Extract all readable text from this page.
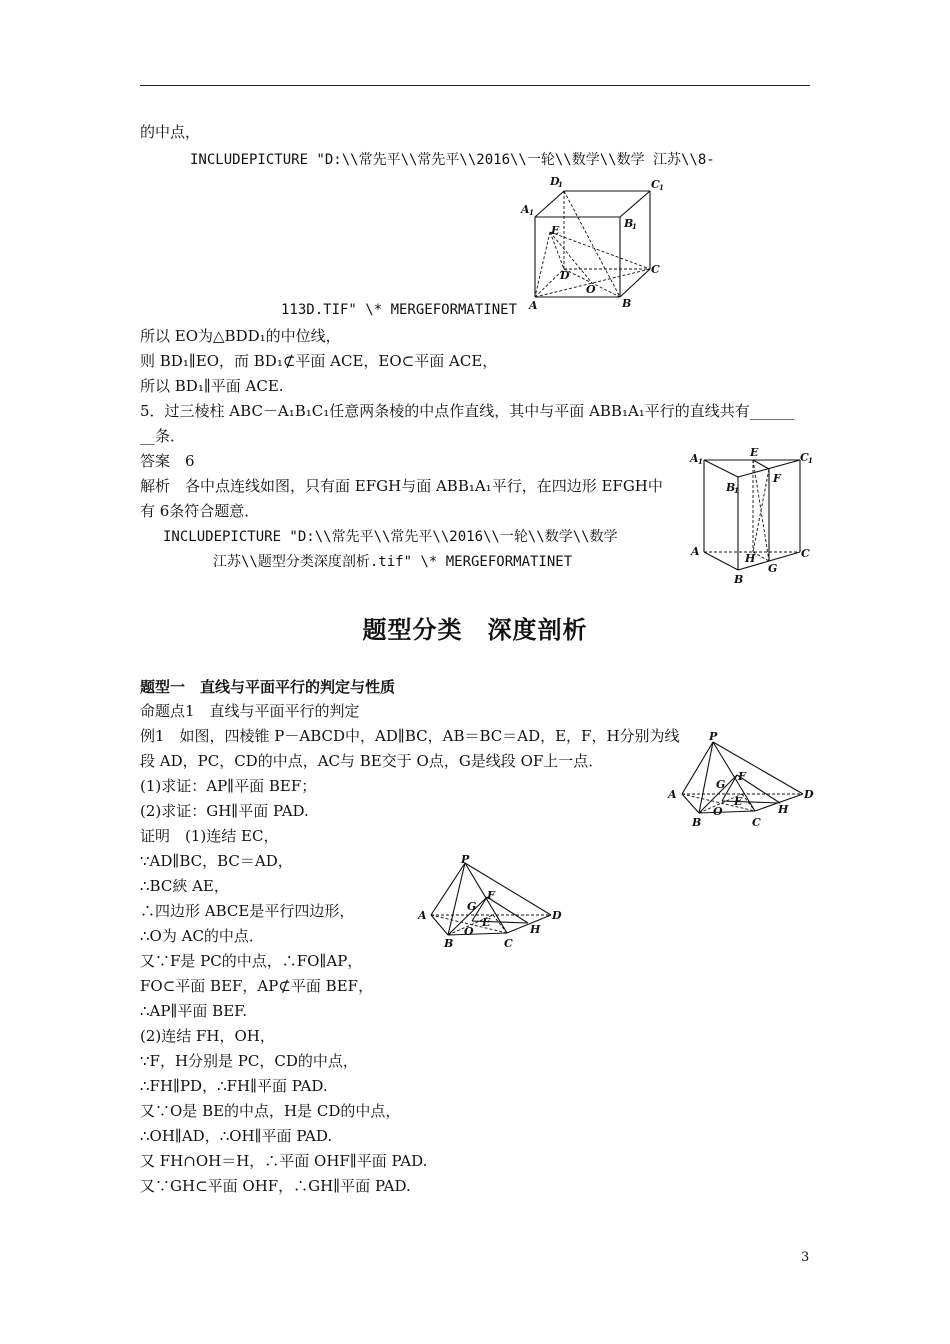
的中点，
INCLUDEPICTURE "D:\\常先平\\常先平\\2016\\一轮\\数学\\数学 江苏\\8-
D
1	C 1
A 1
B
1
E
D	C
O
A	B
113D.TIF" \* MERGEFORMATINET
所以 EO为△BDD₁的中位线，
则 BD₁∥EO，而 BD₁⊄平面 ACE，EO⊂平面 ACE，
所以 BD₁∥平面 ACE.
5．过三棱柱 ABC－A₁B₁C₁任意两条棱的中点作直线，其中与平面 ABB₁A₁平行的直线共有______
__条．
答案　6
解析　各中点连线如图，只有面 EFGH与面 ABB₁A₁平行，在四边形 EFGH中
有 6条符合题意．
INCLUDEPICTURE "D:\\常先平\\常先平\\2016\\一轮\\数学\\数学
江苏\\题型分类深度剖析.tif" \* MERGEFORMATINET
A 1
E	C 1
B
1
F
A	C
H
G
B
题型分类　深度剖析
题型一　直线与平面平行的判定与性质
命题点1　直线与平面平行的判定
例1　如图，四棱锥 P－ABCD中，AD∥BC，AB＝BC＝AD，E，F，H分别为线
段 AD，PC，CD的中点，AC与 BE交于 O点，G是线段 OF上一点．
(1)求证：AP∥平面 BEF；
(2)求证：GH∥平面 PAD.
证明　(1)连结 EC，
∵AD∥BC，BC＝AD，
∴BC綊 AE，
∴四边形 ABCE是平行四边形，
∴O为 AC的中点．
又∵F是 PC的中点，∴FO∥AP，
FO⊂平面 BEF，AP⊄平面 BEF，
∴AP∥平面 BEF.
(2)连结 FH，OH，
∵F，H分别是 PC，CD的中点，
∴FH∥PD，∴FH∥平面 PAD.
又∵O是 BE的中点，H是 CD的中点，
∴OH∥AD，∴OH∥平面 PAD.
又 FH∩OH＝H，∴平面 OHF∥平面 PAD.
又∵GH⊂平面 OHF，∴GH∥平面 PAD.
P
A	D
G
F
E
O	H
B	C
P
A	D
G
F
E
O	H
B	C
3
